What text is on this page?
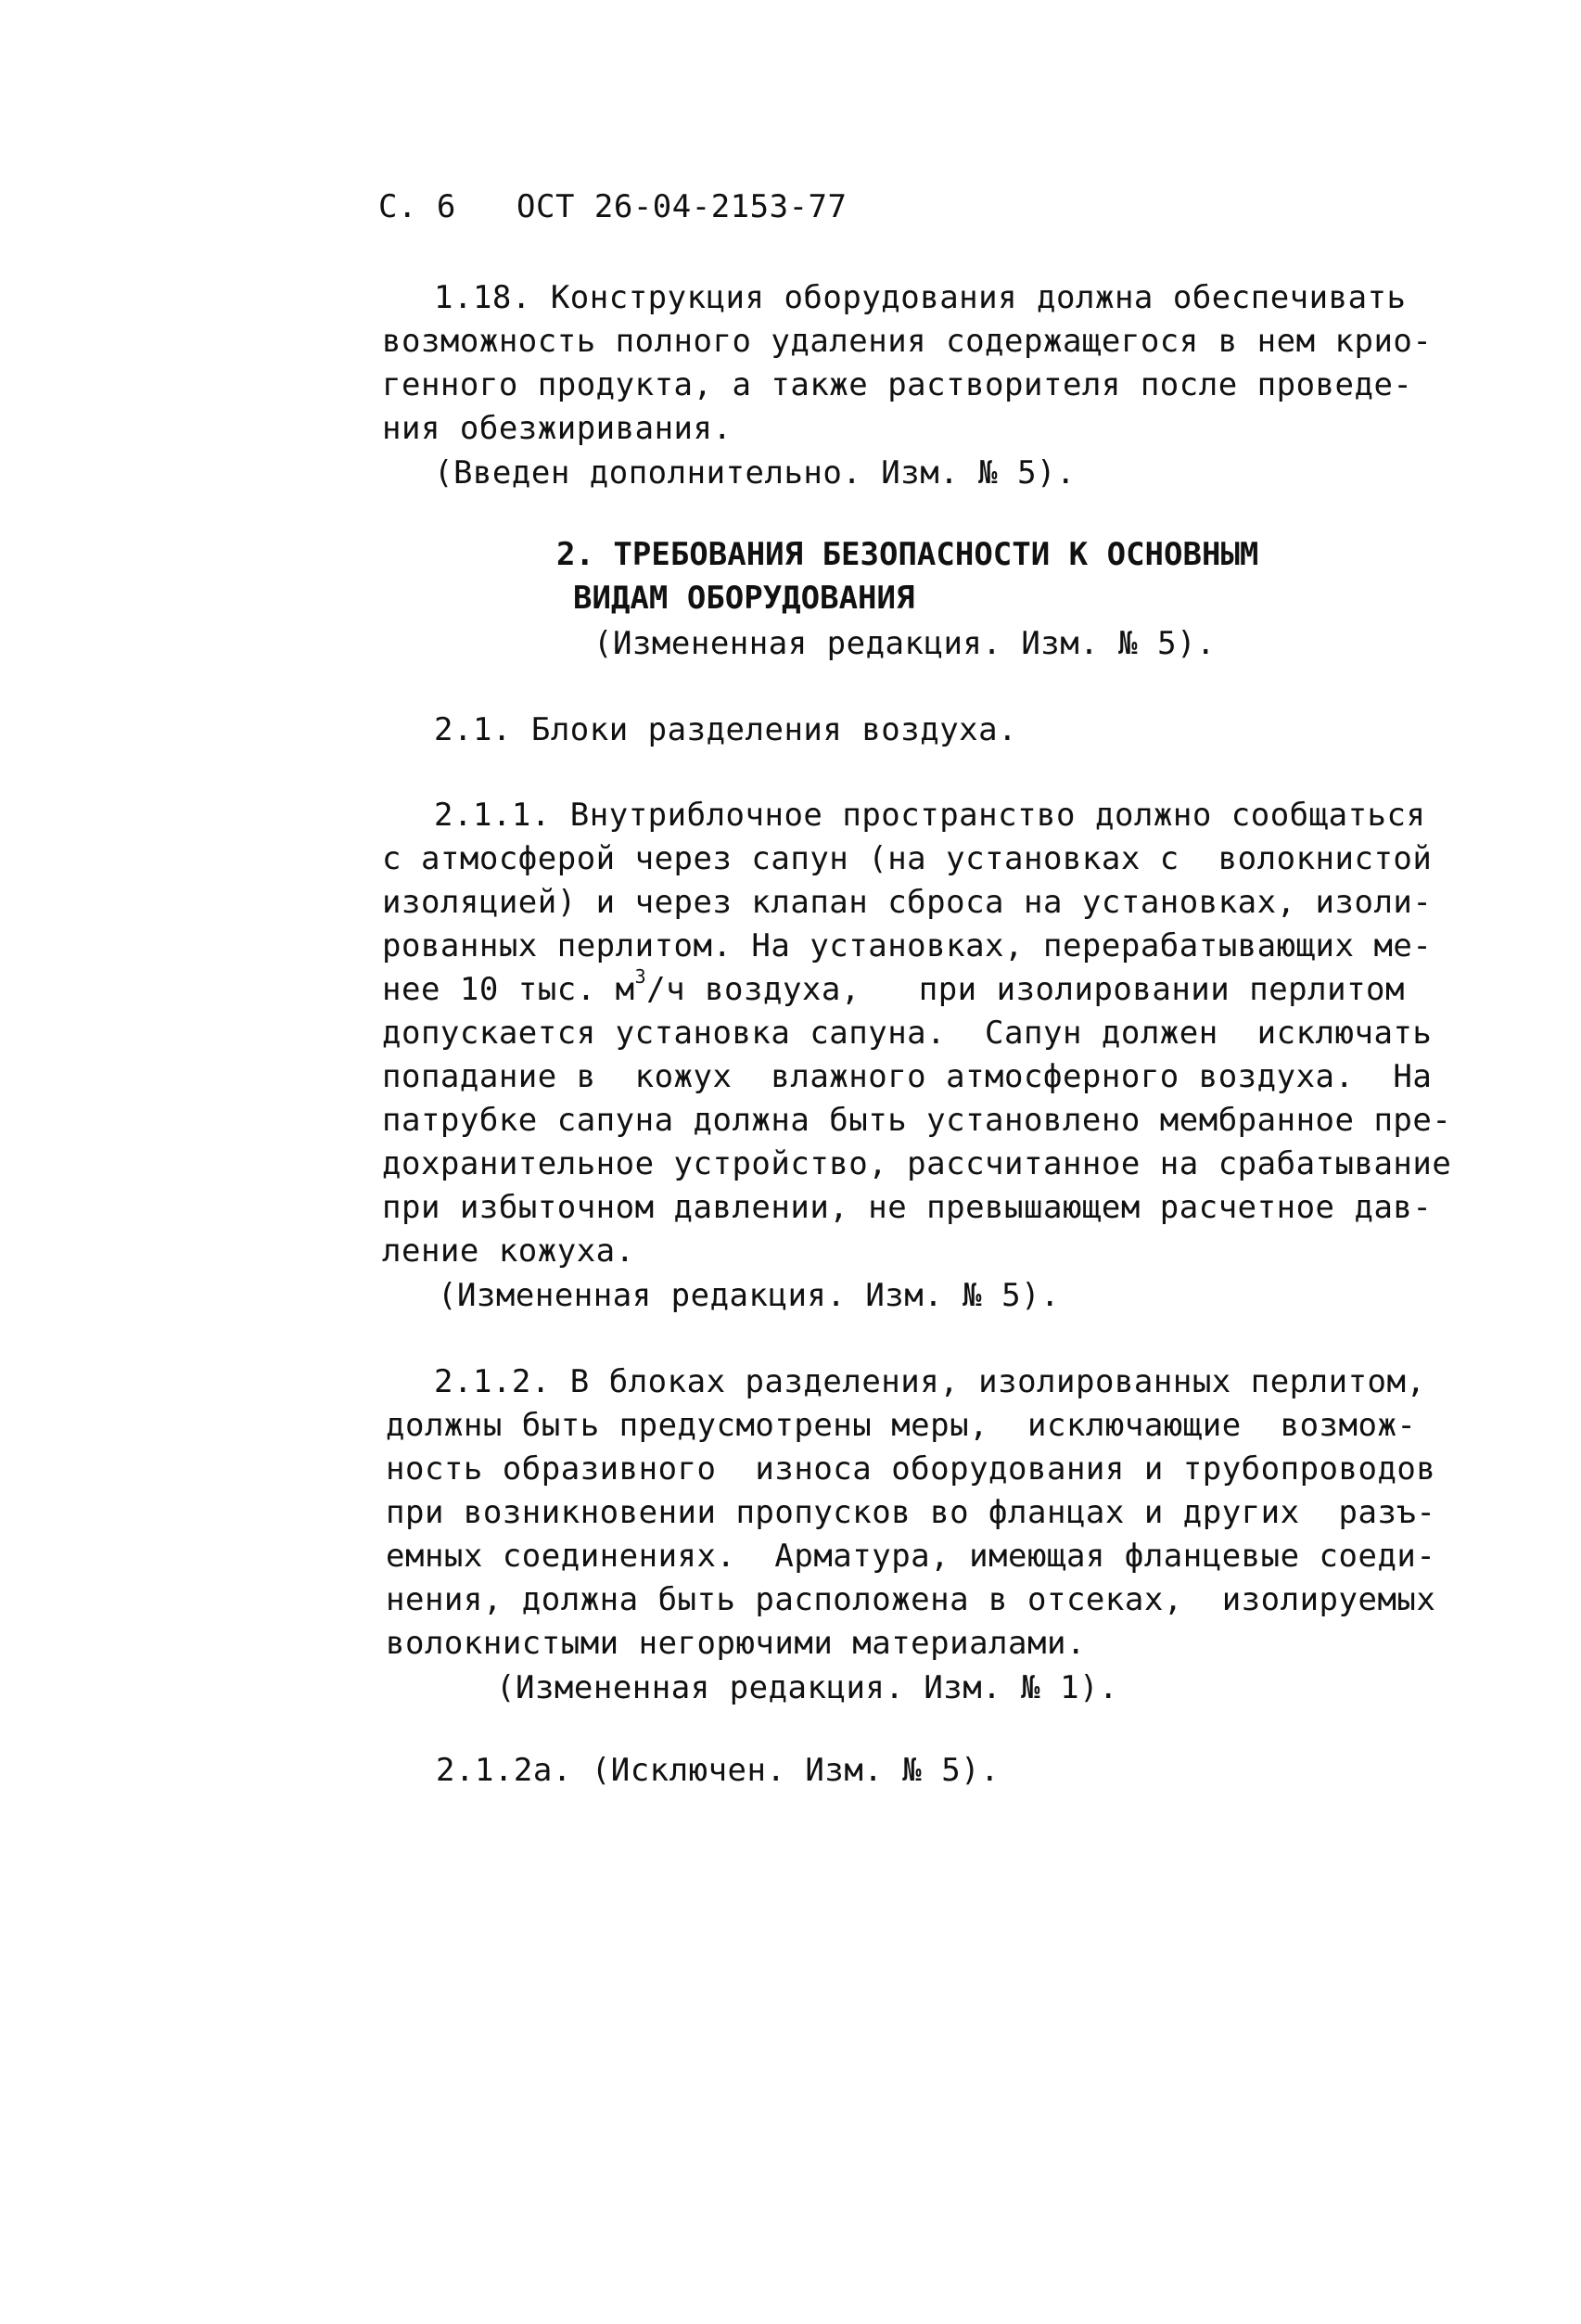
С. 6

ОСТ 26-04-2153-77

1.18. Конструкция оборудования должна обеспечивать
возможность полного удаления содержащегося в нем крио-
генного продукта, а также растворителя после проведе-
ния обезжиривания.
(Введен дополнительно. Изм. № 5).
2. ТРЕБОВАНИЯ БЕЗОПАСНОСТИ К ОСНОВНЫМ
ВИДАМ ОБОРУДОВАНИЯ
(Измененная редакция. Изм. № 5).
2.1. Блоки разделения воздуха.
2.1.1. Внутриблочное пространство должно сообщаться
с атмосферой через сапун (на установках с  волокнистой
изоляцией) и через клапан сброса на установках, изоли-
рованных перлитом. На установках, перерабатывающих ме-
нее 10 тыс. $м^3/ч$ воздуха,   при изолировании перлитом
допускается установка сапуна.  Сапун должен  исключать
попадание в  кожух  влажного атмосферного воздуха.  На
патрубке сапуна должна быть установлено мембранное пре-
дохранительное устройство, рассчитанное на срабатывание
при избыточном давлении, не превышающем расчетное дав-
ление кожуха.
(Измененная редакция. Изм. № 5).
2.1.2. В блоках разделения, изолированных перлитом,
должны быть предусмотрены меры,  исключающие  возмож-
ность образивного  износа оборудования и трубопроводов
при возникновении пропусков во фланцах и других  разъ-
емных соединениях.  Арматура, имеющая фланцевые соеди-
нения, должна быть расположена в отсеках,  изолируемых
волокнистыми негорючими материалами.
(Измененная редакция. Изм. № 1).
2.1.2а. (Исключен. Изм. № 5).
